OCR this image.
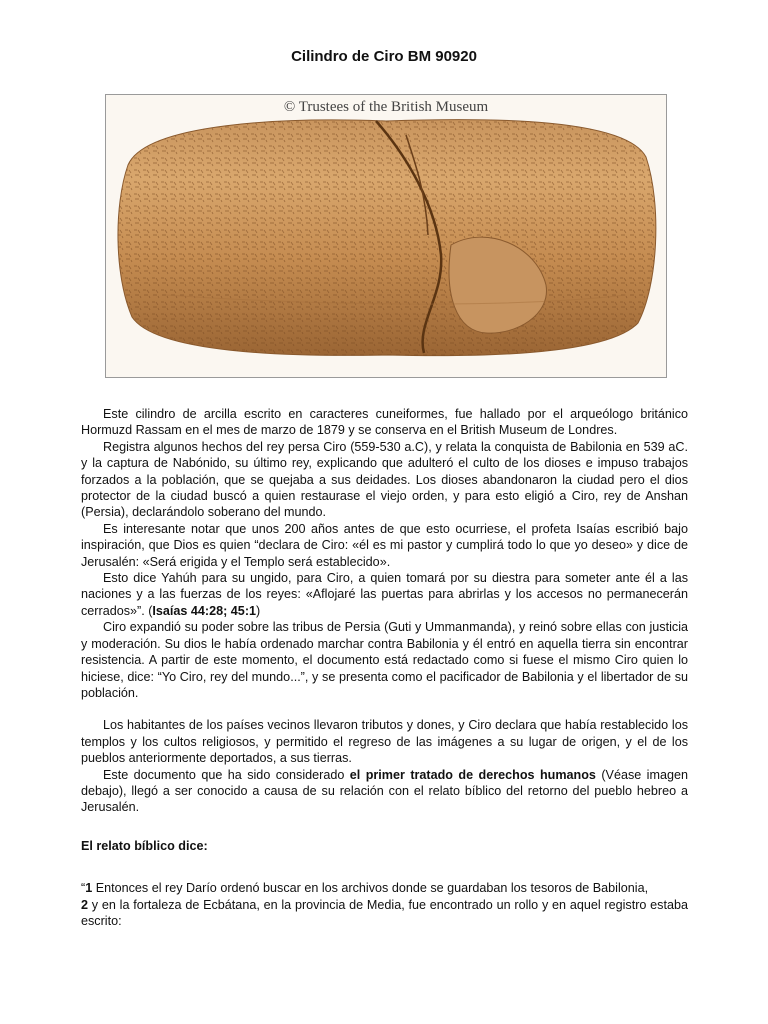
Cilindro de Ciro BM 90920
© Trustees of the British Museum

Este cilindro de arcilla escrito en caracteres cuneiformes, fue hallado por el arqueólogo británico Hormuzd Rassam en el mes de marzo de 1879 y se conserva en el British Museum de Londres.

Registra algunos hechos del rey persa Ciro (559-530 a.C), y relata la conquista de Babilonia en 539 aC. y la captura de Nabónido, su último rey, explicando que adulteró el culto de los dioses e impuso trabajos forzados a la población, que se quejaba a sus deidades. Los dioses abandonaron la ciudad pero el dios protector de la ciudad buscó a quien restaurase el viejo orden, y para esto eligió a Ciro, rey de Anshan (Persia), declarándolo soberano del mundo.

Es interesante notar que unos 200 años antes de que esto ocurriese, el profeta Isaías escribió bajo inspiración, que Dios es quien “declara de Ciro: «él es mi pastor y cumplirá todo lo que yo deseo» y dice de Jerusalén: «Será erigida y el Templo será establecido».

Esto dice Yahúh para su ungido, para Ciro, a quien tomará por su diestra para someter ante él a las naciones y a las fuerzas de los reyes: «Aflojaré las puertas para abrirlas y los accesos no permanecerán cerrados»”. (Isaías 44:28; 45:1)

Ciro expandió su poder sobre las tribus de Persia (Guti y Ummanmanda), y reinó sobre ellas con justicia y moderación. Su dios le había ordenado marchar contra Babilonia y él entró en aquella tierra sin encontrar resistencia. A partir de este momento, el documento está redactado como si fuese el mismo Ciro quien lo hiciese, dice: “Yo Ciro, rey del mundo...”, y se presenta como el pacificador de Babilonia y el libertador de su población.

Los habitantes de los países vecinos llevaron tributos y dones, y Ciro declara que había restablecido los templos y los cultos religiosos, y permitido el regreso de las imágenes a su lugar de origen, y el de los pueblos anteriormente deportados, a sus tierras.

Este documento que ha sido considerado el primer tratado de derechos humanos (Véase imagen debajo), llegó a ser conocido a causa de su relación con el relato bíblico del retorno del pueblo hebreo a Jerusalén.

El relato bíblico dice:

“1 Entonces el rey Darío ordenó buscar en los archivos donde se guardaban los tesoros de Babilonia,

2 y en la fortaleza de Ecbátana, en la provincia de Media, fue encontrado un rollo y en aquel registro estaba escrito:
